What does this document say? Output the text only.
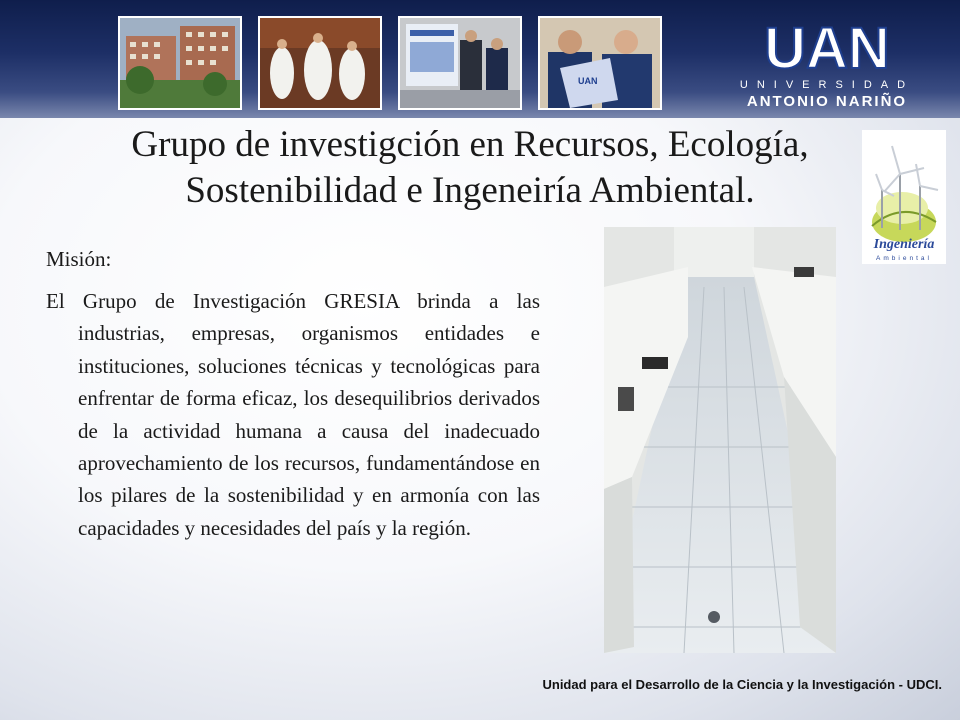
UAN	UAN
UNIVERSIDAD
ANTONIO NARIÑO
Grupo de investigción en Recursos, Ecología, Sostenibilidad e Ingeneiría Ambiental.
Ingeniería
Ambiental
Misión:
El Grupo de Investigación GRESIA brinda a las industrias, empresas, organismos entidades e instituciones, soluciones técnicas y tecnológicas para enfrentar de forma eficaz, los desequilibrios derivados de la actividad humana a causa del inadecuado aprovechamiento de los recursos, fundamentándose en los pilares de la sostenibilidad y en armonía con las capacidades y necesidades del país y la región.
Unidad para el Desarrollo de la Ciencia y la Investigación - UDCI.
